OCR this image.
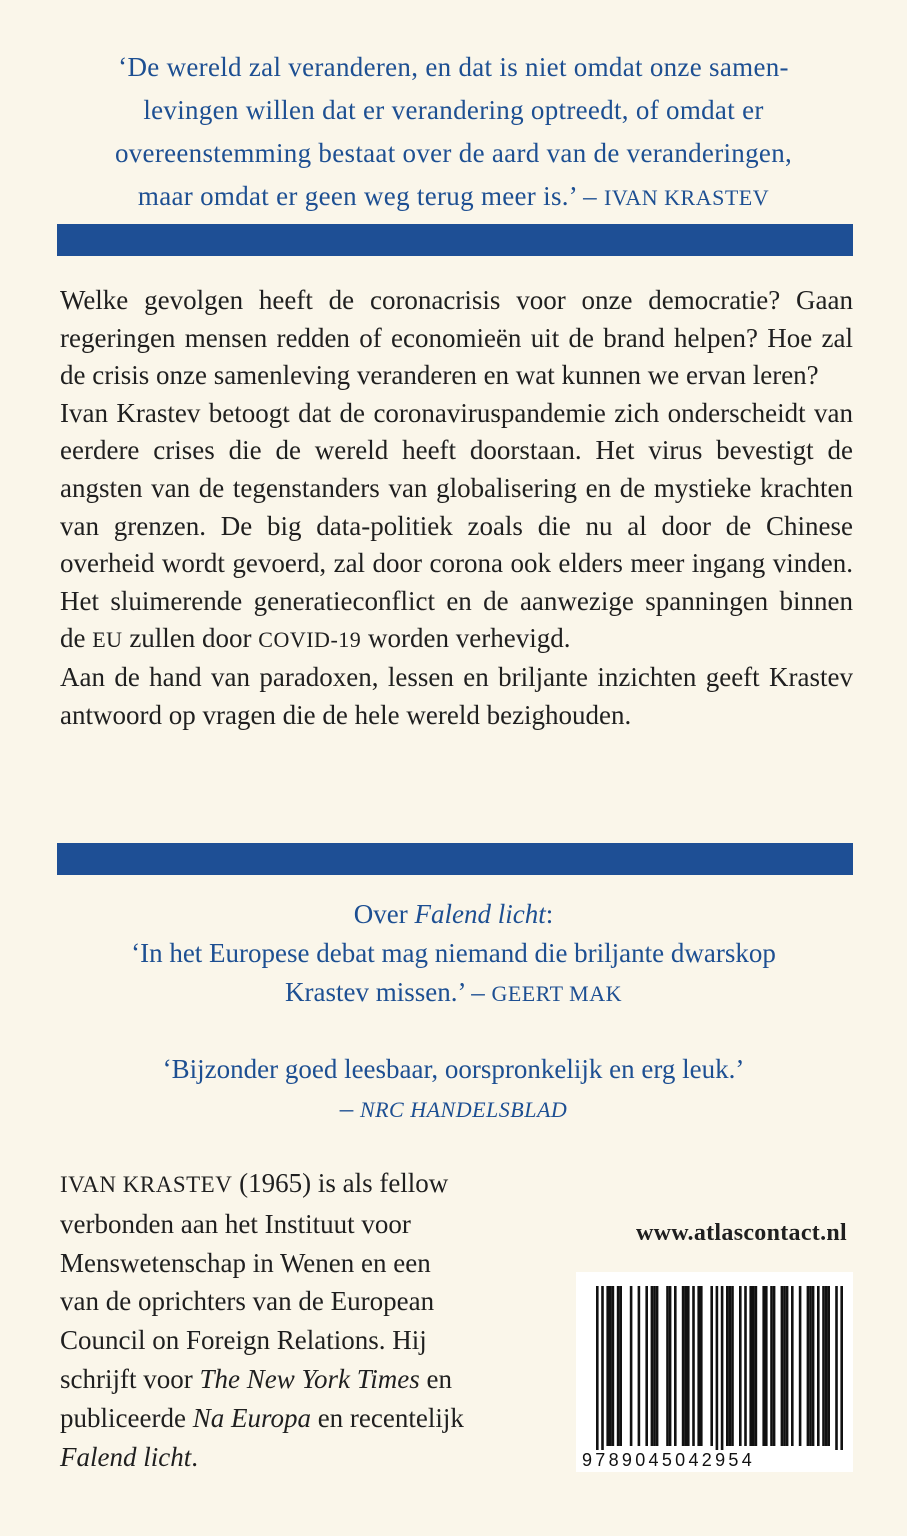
‘De wereld zal veranderen, en dat is niet omdat onze samen-
levingen willen dat er verandering optreedt, of omdat er
overeenstemming bestaat over de aard van de veranderingen,
maar omdat er geen weg terug meer is.’ – IVAN KRASTEV

Welke gevolgen heeft de coronacrisis voor onze democratie? Gaan regeringen mensen redden of economieën uit de brand helpen? Hoe zal de crisis onze samenleving veranderen en wat kunnen we ervan leren?

Ivan Krastev betoogt dat de coronaviruspandemie zich onderscheidt van eerdere crises die de wereld heeft doorstaan. Het virus bevestigt de angsten van de tegenstanders van globalisering en de mystieke krachten van grenzen. De big data-politiek zoals die nu al door de Chinese overheid wordt gevoerd, zal door corona ook elders meer ingang vinden. Het sluimerende generatieconflict en de aanwezige spanningen binnen de EU zullen door COVID-19 worden verhevigd.

Aan de hand van paradoxen, lessen en briljante inzichten geeft Krastev antwoord op vragen die de hele wereld bezighouden.

Over Falend licht:

‘In het Europese debat mag niemand die briljante dwarskop

Krastev missen.’ – GEERT MAK

‘Bijzonder goed leesbaar, oorspronkelijk en erg leuk.’

– NRC HANDELSBLAD

IVAN KRASTEV (1965) is als fellow
verbonden aan het Instituut voor
Menswetenschap in Wenen en een
van de oprichters van de European
Council on Foreign Relations. Hij
schrijft voor The New York Times en
publiceerde Na Europa en recentelijk
Falend licht.
www.atlascontact.nl
9789045042954
